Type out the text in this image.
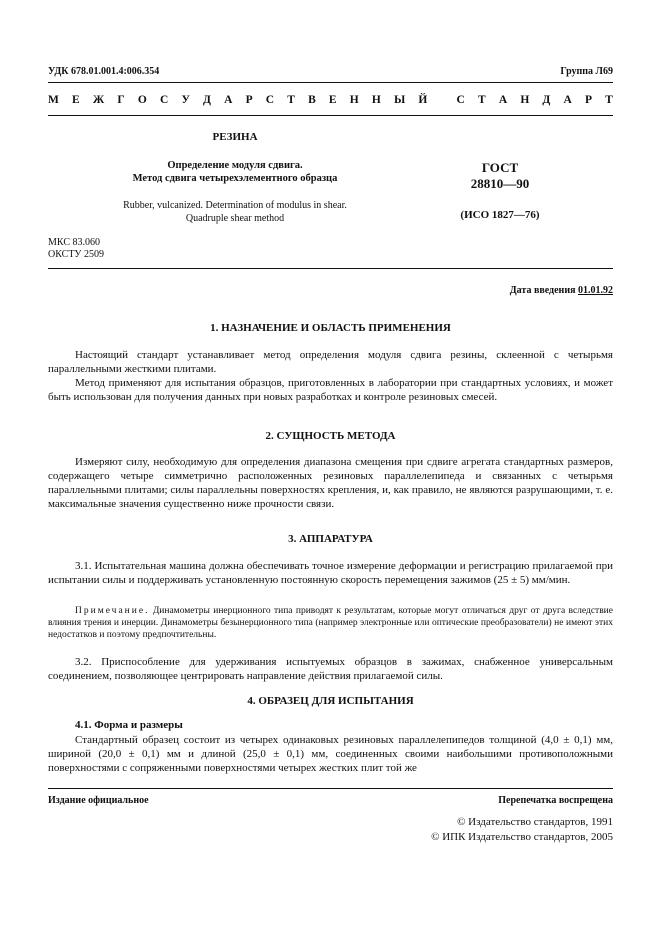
УДК 678.01.001.4:006.354	Группа Л69
М Е Ж Г О С У Д А Р С Т В Е Н Н Ы Й
	С Т А Н Д А Р Т
РЕЗИНА
Определение модуля сдвига.
Метод сдвига четырехэлементного образца
Rubber, vulcanized. Determination of modulus in shear.
Quadruple shear method
ГОСТ
28810—90
(ИСО 1827—76)
МКС 83.060
ОКСТУ 2509
Дата введения 01.01.92
1. НАЗНАЧЕНИЕ И ОБЛАСТЬ ПРИМЕНЕНИЯ
Настоящий стандарт устанавливает метод определения модуля сдвига резины, склеенной с четырьмя параллельными жесткими плитами.
Метод применяют для испытания образцов, приготовленных в лаборатории при стандартных условиях, и может быть использован для получения данных при новых разработках и контроле резиновых смесей.
2. СУЩНОСТЬ МЕТОДА
Измеряют силу, необходимую для определения диапазона смещения при сдвиге агрегата стандартных размеров, содержащего четыре симметрично расположенных резиновых параллелепипеда и связанных с четырьмя параллельными плитами; силы параллельны поверхностях крепления, и, как правило, не являются разрушающими, т. е. максимальные значения существенно ниже прочности связи.
3. АППАРАТУРА
3.1. Испытательная машина должна обеспечивать точное измерение деформации и регистрацию прилагаемой при испытании силы и поддерживать установленную постоянную скорость перемещения зажимов (25 ± 5) мм/мин.
Примечание. Динамометры инерционного типа приводят к результатам, которые могут отличаться друг от друга вследствие влияния трения и инерции. Динамометры безынерционного типа (например электронные или оптические преобразователи) не имеют этих недостатков и поэтому предпочтительны.
3.2. Приспособление для удерживания испытуемых образцов в зажимах, снабженное универсальным соединением, позволяющее центрировать направление действия прилагаемой силы.
4. ОБРАЗЕЦ ДЛЯ ИСПЫТАНИЯ
4.1. Форма и размеры
Стандартный образец состоит из четырех одинаковых резиновых параллелепипедов толщиной (4,0 ± 0,1) мм, шириной (20,0 ± 0,1) мм и длиной (25,0 ± 0,1) мм, соединенных своими наибольшими противоположными поверхностями с сопряженными поверхностями четырех жестких плит той же
Издание официальное	Перепечатка воспрещена
© Издательство стандартов, 1991
© ИПК Издательство стандартов, 2005
